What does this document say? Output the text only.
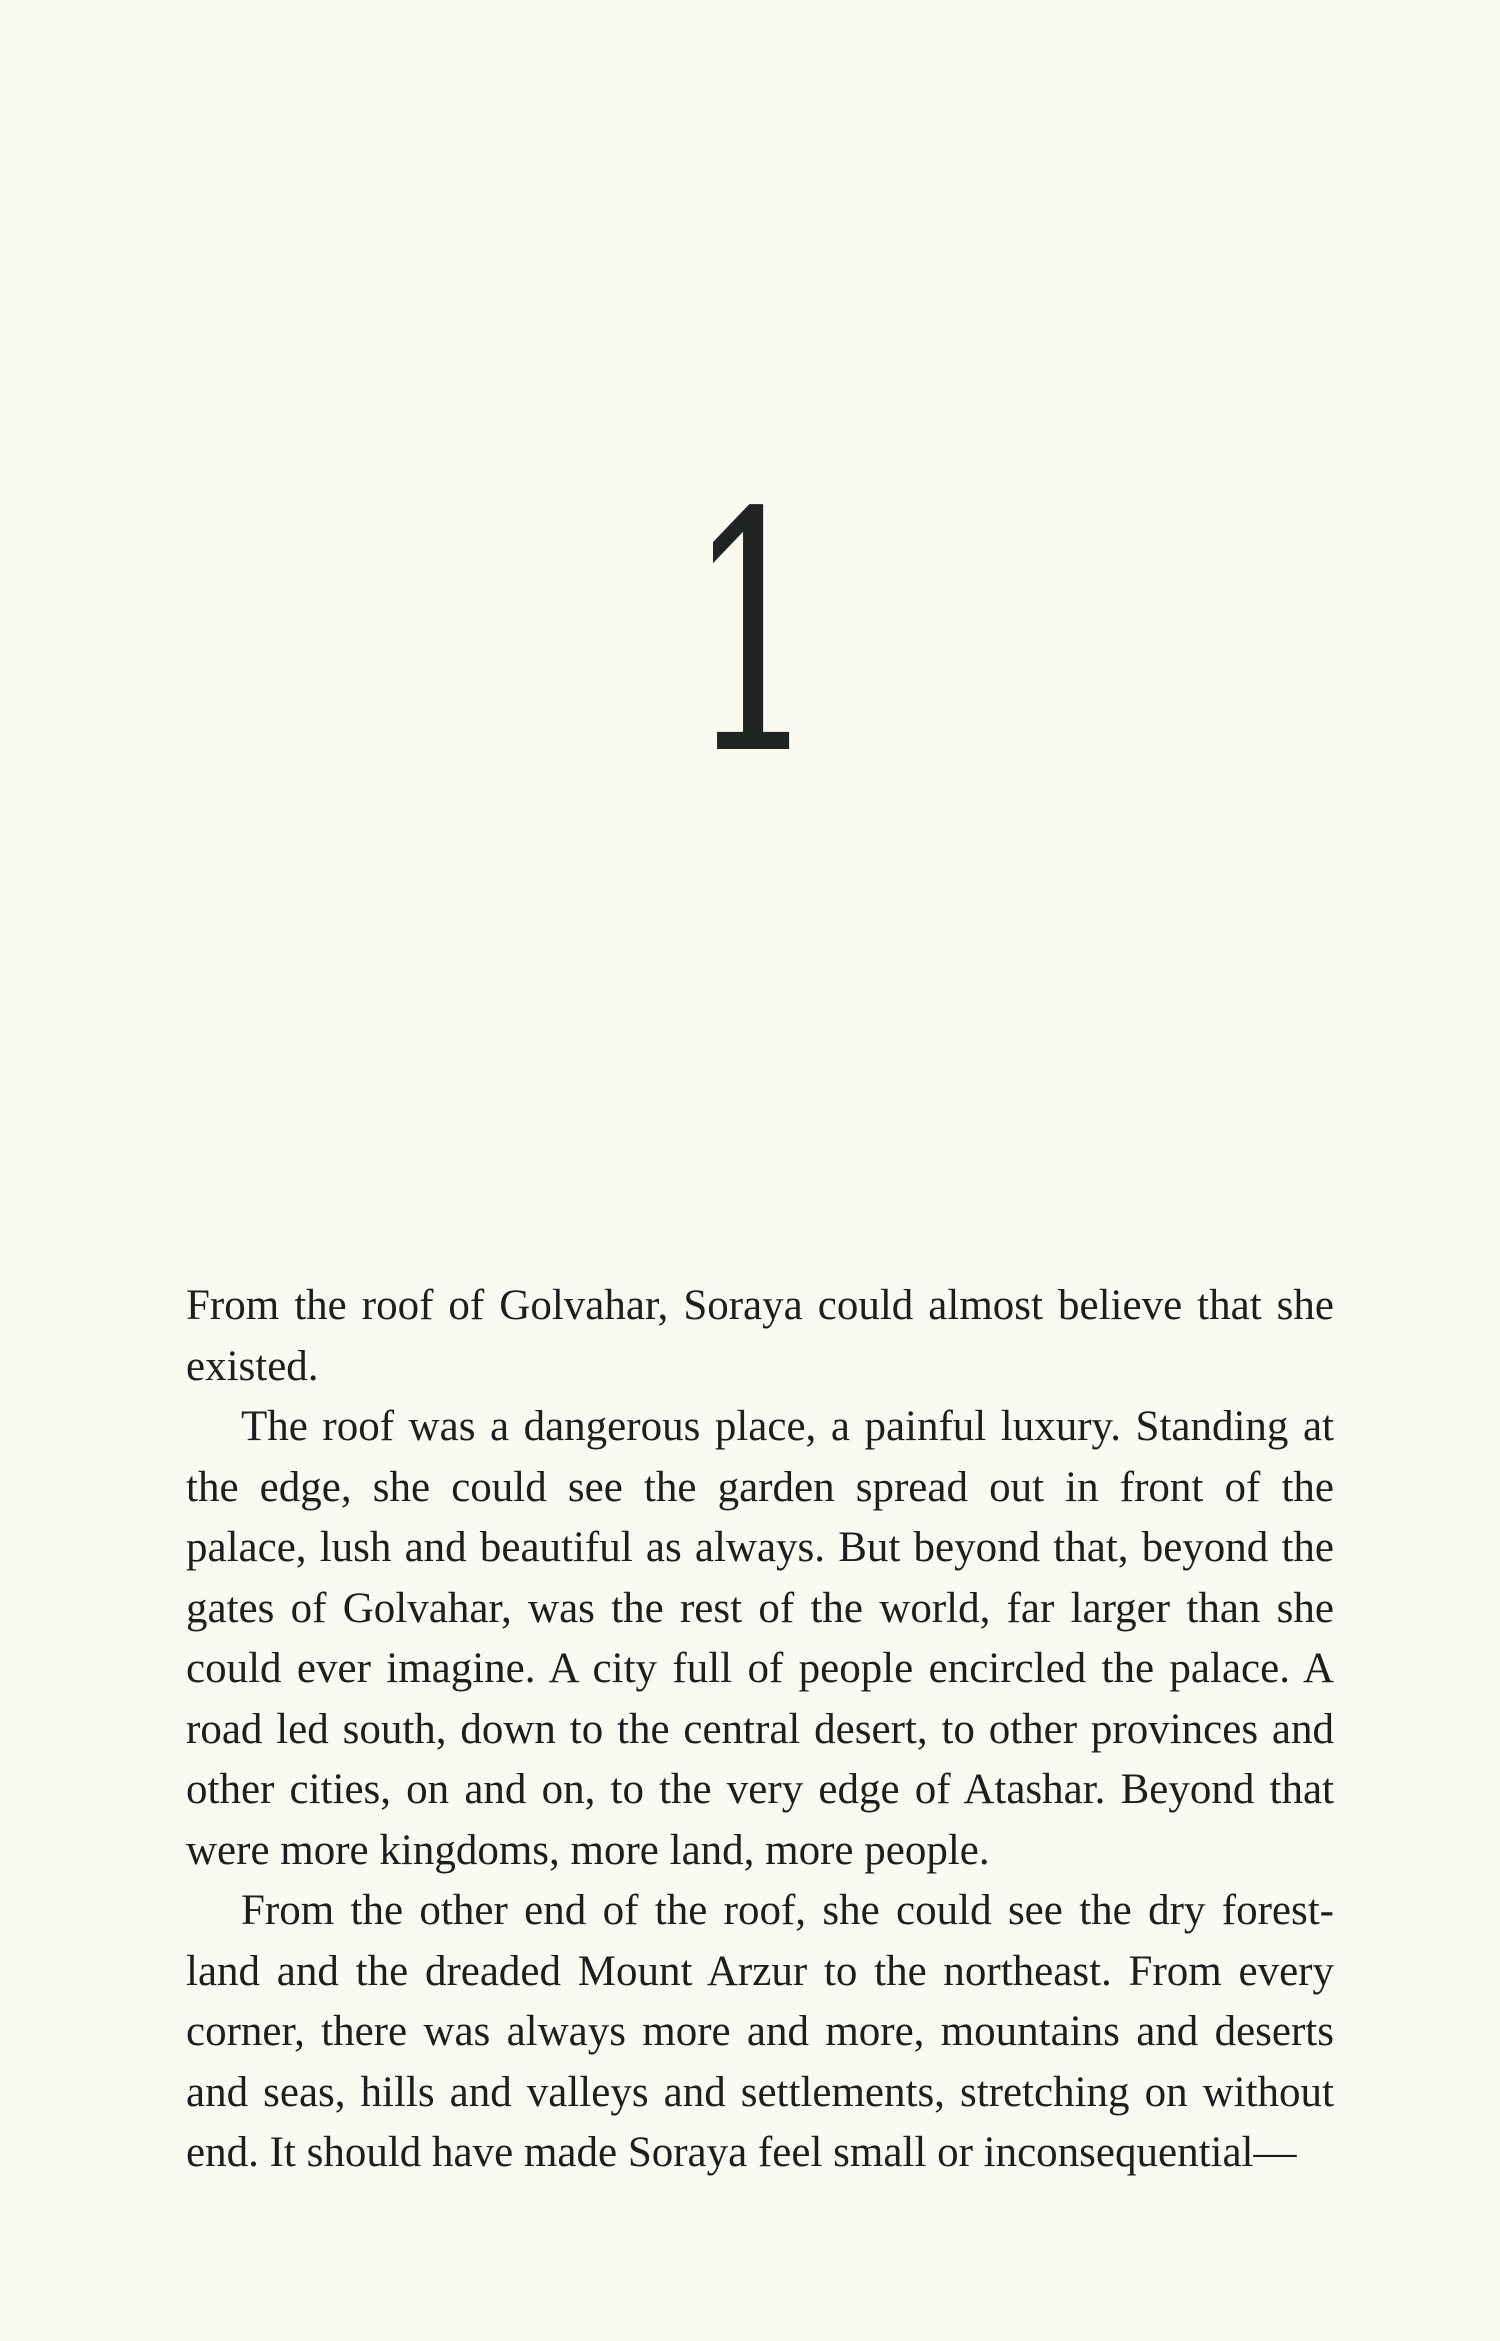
1

From the roof of Golvahar, Soraya could almost believe that she existed.

The roof was a dangerous place, a painful luxury. Standing at the edge, she could see the garden spread out in front of the palace, lush and beautiful as always. But beyond that, beyond the gates of Golvahar, was the rest of the world, far larger than she could ever imagine. A city full of people encircled the palace. A road led south, down to the central desert, to other provinces and other cities, on and on, to the very edge of Atashar. Beyond that were more kingdoms, more land, more people.

From the other end of the roof, she could see the dry forest-land and the dreaded Mount Arzur to the northeast. From every corner, there was always more and more, mountains and deserts and seas, hills and valleys and settlements, stretching on without end. It should have made Soraya feel small or inconsequential—
